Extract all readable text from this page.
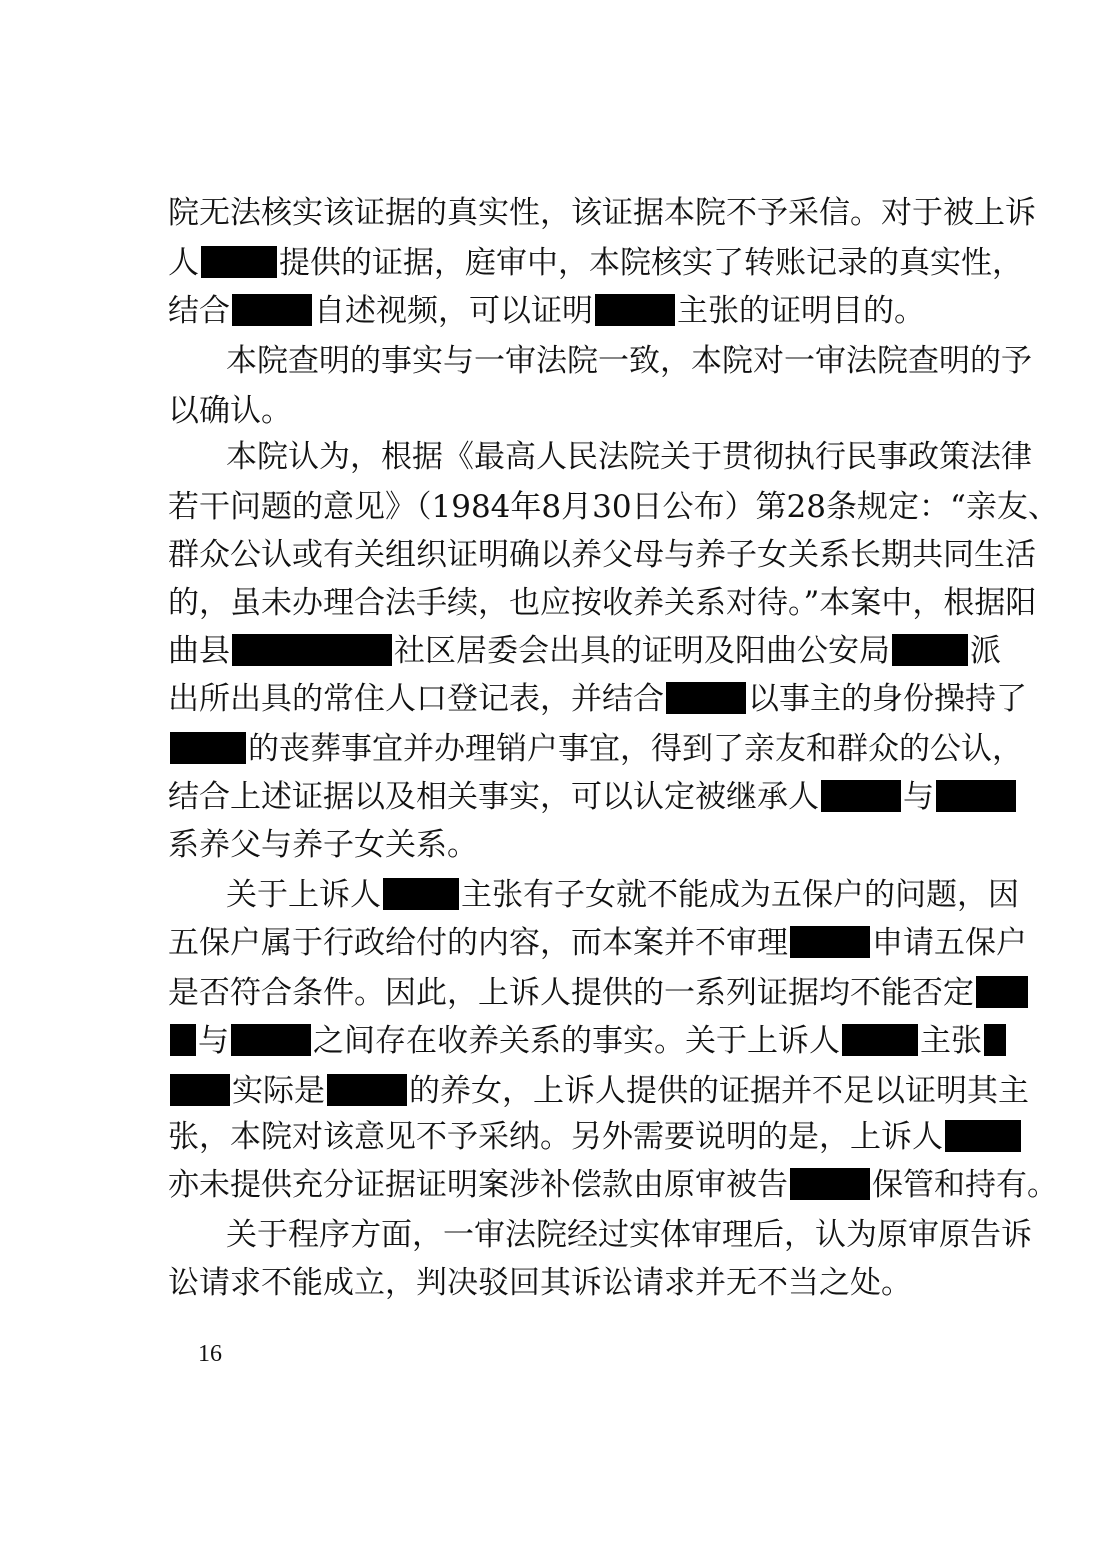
院无法核实该证据的真实性，该证据本院不予采信。对于被上诉
人	提供的证据，庭审中，本院核实了转账记录的真实性，
结合	自述视频，可以证明	主张的证明目的。
本院查明的事实与一审法院一致，本院对一审法院查明的予
以确认。
本院认为，根据《最高人民法院关于贯彻执行民事政策法律
若干问题的意见》（1984年8月30日公布）第28条规定：“亲友、
群众公认或有关组织证明确以养父母与养子女关系长期共同生活
的，虽未办理合法手续，也应按收养关系对待。”本案中，根据阳
曲县	社区居委会出具的证明及阳曲公安局	派
出所出具的常住人口登记表，并结合	以事主的身份操持了
的丧葬事宜并办理销户事宜，得到了亲友和群众的公认，
结合上述证据以及相关事实，可以认定被继承人	与
系养父与养子女关系。
关于上诉人	主张有子女就不能成为五保户的问题，因
五保户属于行政给付的内容，而本案并不审理	申请五保户
是否符合条件。因此，上诉人提供的一系列证据均不能否定
与	之间存在收养关系的事实。关于上诉人	主张
实际是	的养女，上诉人提供的证据并不足以证明其主
张，本院对该意见不予采纳。另外需要说明的是，上诉人
亦未提供充分证据证明案涉补偿款由原审被告	保管和持有。
关于程序方面，一审法院经过实体审理后，认为原审原告诉
讼请求不能成立，判决驳回其诉讼请求并无不当之处。
16
